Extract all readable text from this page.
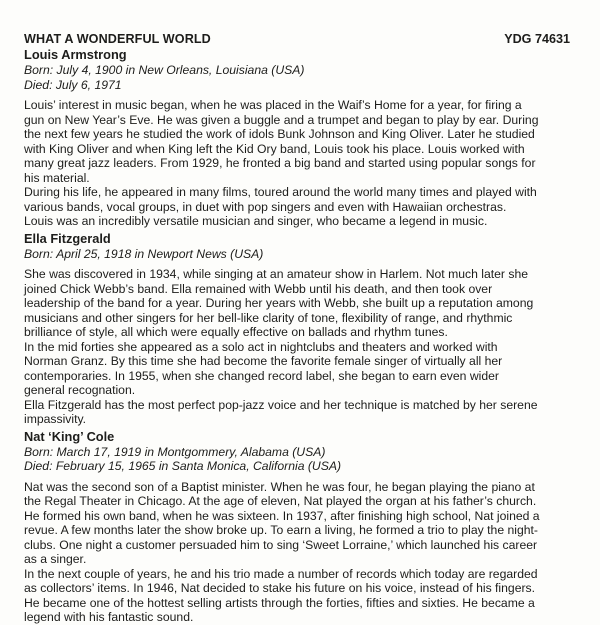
WHAT A WONDERFUL WORLD	YDG 74631
Louis Armstrong
Born: July 4, 1900 in New Orleans, Louisiana (USA)
Died: July 6, 1971

Louis’ interest in music began, when he was placed in the Waif’s Home for a year, for firing a gun on New Year’s Eve. He was given a buggle and a trumpet and began to play by ear. During the next few years he studied the work of idols Bunk Johnson and King Oliver. Later he studied with King Oliver and when King left the Kid Ory band, Louis took his place. Louis worked with many great jazz leaders. From 1929, he fronted a big band and started using popular songs for his material.

During his life, he appeared in many films, toured around the world many times and played with various bands, vocal groups, in duet with pop singers and even with Hawaiian orchestras.

Louis was an incredibly versatile musician and singer, who became a legend in music.

Ella Fitzgerald
Born: April 25, 1918 in Newport News (USA)

She was discovered in 1934, while singing at an amateur show in Harlem. Not much later she joined Chick Webb’s band. Ella remained with Webb until his death, and then took over leadership of the band for a year. During her years with Webb, she built up a reputation among musicians and other singers for her bell-like clarity of tone, flexibility of range, and rhythmic brilliance of style, all which were equally effective on ballads and rhythm tunes.

In the mid forties she appeared as a solo act in nightclubs and theaters and worked with Norman Granz. By this time she had become the favorite female singer of virtually all her contemporaries. In 1955, when she changed record label, she began to earn even wider general recognation.

Ella Fitzgerald has the most perfect pop-jazz voice and her technique is matched by her serene impassivity.

Nat ‘King’ Cole
Born: March 17, 1919 in Montgommery, Alabama (USA)
Died: February 15, 1965 in Santa Monica, California (USA)

Nat was the second son of a Baptist minister. When he was four, he began playing the piano at the Regal Theater in Chicago. At the age of eleven, Nat played the organ at his father’s church. He formed his own band, when he was sixteen. In 1937, after finishing high school, Nat joined a revue. A few months later the show broke up. To earn a living, he formed a trio to play the night-clubs. One night a customer persuaded him to sing ‘Sweet Lorraine,’ which launched his career as a singer.

In the next couple of years, he and his trio made a number of records which today are regarded as collectors’ items. In 1946, Nat decided to stake his future on his voice, instead of his fingers. He became one of the hottest selling artists through the forties, fifties and sixties. He became a legend with his fantastic sound.
